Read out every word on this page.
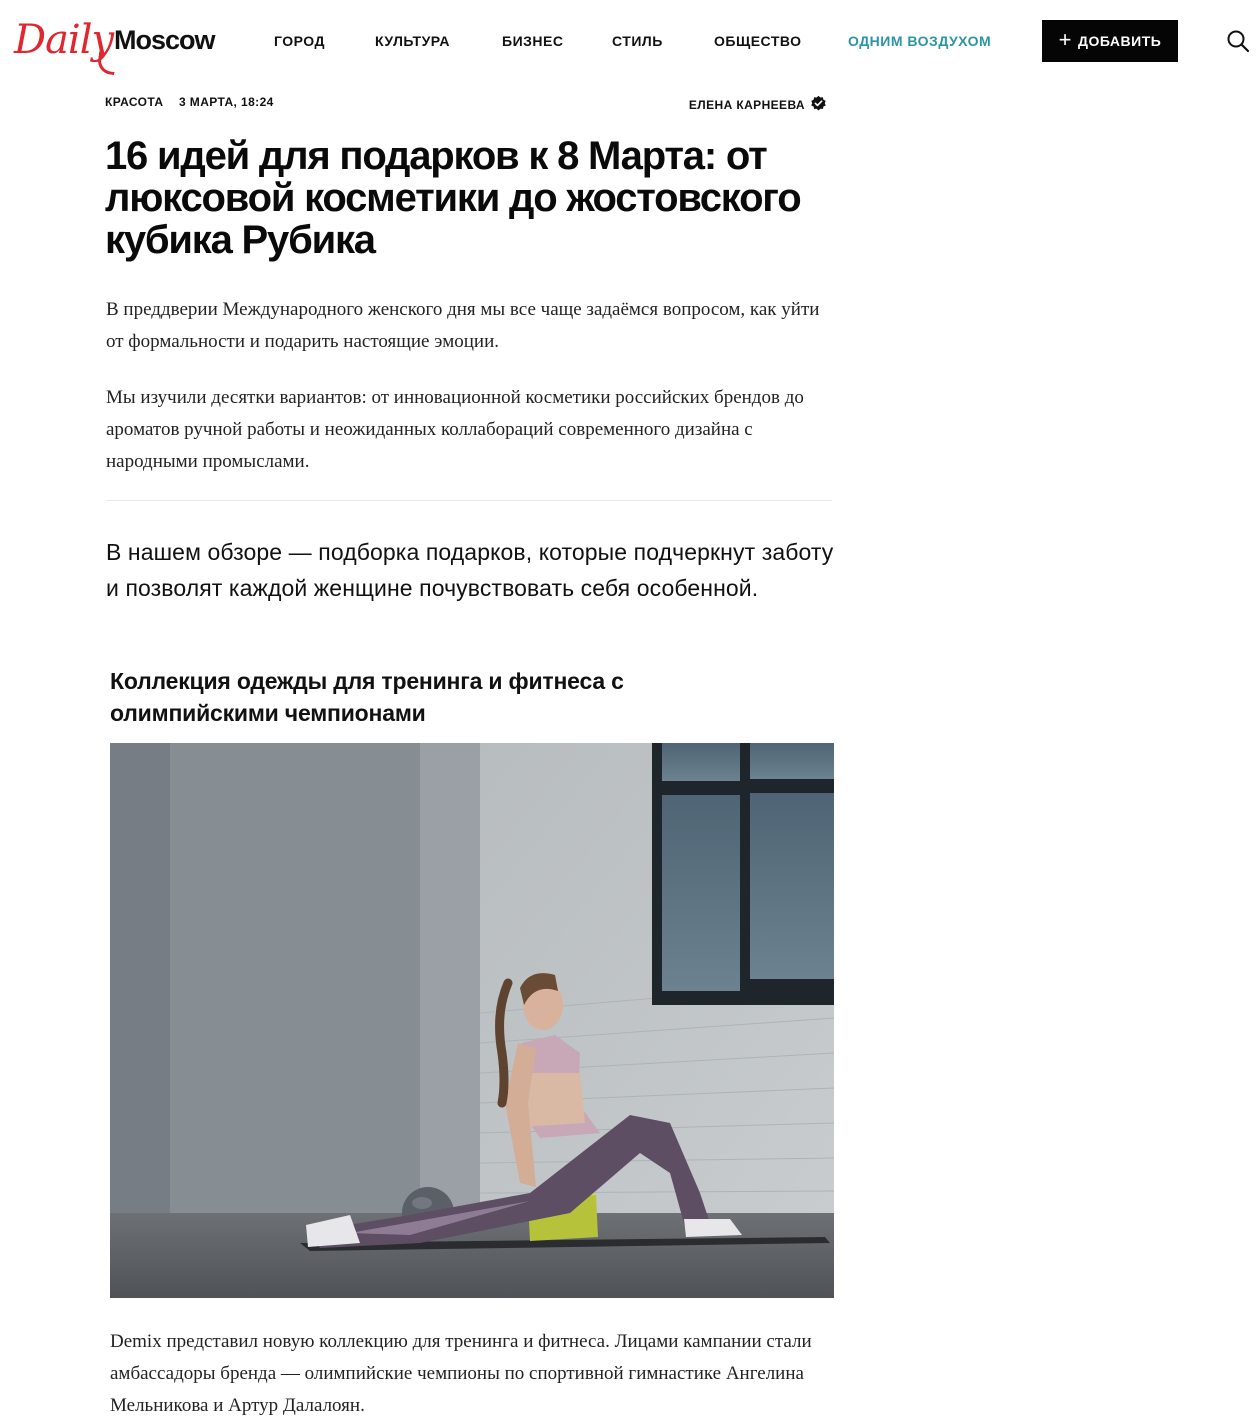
Daily Moscow	ГОРОД	КУЛЬТУРА	БИЗНЕС	СТИЛЬ	ОБЩЕСТВО	ОДНИМ ВОЗДУХОМ	+ ДОБАВИТЬ
КРАСОТА 3 МАРТА, 18:24	ЕЛЕНА КАРНЕЕВА
16 идей для подарков к 8 Марта: от люксовой косметики до жостовского кубика Рубика

В преддверии Международного женского дня мы все чаще задаёмся вопросом, как уйти от формальности и подарить настоящие эмоции.

Мы изучили десятки вариантов: от инновационной косметики российских брендов до ароматов ручной работы и неожиданных коллабораций современного дизайна с народными промыслами.

В нашем обзоре — подборка подарков, которые подчеркнут заботу и позволят каждой женщине почувствовать себя особенной.

Коллекция одежды для тренинга и фитнеса с олимпийскими чемпионами

Demix представил новую коллекцию для тренинга и фитнеса. Лицами кампании стали амбассадоры бренда — олимпийские чемпионы по спортивной гимнастике Ангелина Мельникова и Артур Далалоян.
